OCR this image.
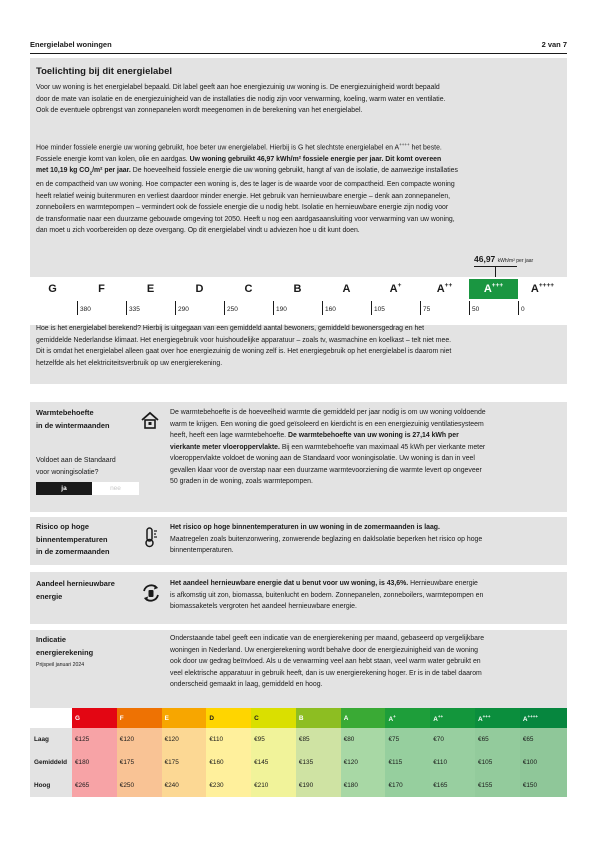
Energielabel woningen	2 van 7
Toelichting bij dit energielabel
Voor uw woning is het energielabel bepaald. Dit label geeft aan hoe energiezuinig uw woning is. De energiezuinigheid wordt bepaald
door de mate van isolatie en de energiezuinigheid van de installaties die nodig zijn voor verwarming, koeling, warm water en ventilatie.
Ook de eventuele opbrengst van zonnepanelen wordt meegenomen in de berekening van het energielabel.
Hoe minder fossiele energie uw woning gebruikt, hoe beter uw energielabel. Hierbij is G het slechtste energielabel en A++++ het beste.
Fossiele energie komt van kolen, olie en aardgas. Uw woning gebruikt 46,97 kWh/m² fossiele energie per jaar. Dit komt overeen
met 10,19 kg $CO_2/m^2$ per jaar. De hoeveelheid fossiele energie die uw woning gebruikt, hangt af van de isolatie, de aanwezige installaties
en de compactheid van uw woning. Hoe compacter een woning is, des te lager is de waarde voor de compactheid. Een compacte woning
heeft relatief weinig buitenmuren en verliest daardoor minder energie. Het gebruik van hernieuwbare energie – denk aan zonnepanelen,
zonneboilers en warmtepompen – vermindert ook de fossiele energie die u nodig hebt. Isolatie en hernieuwbare energie zijn nodig voor
de transformatie naar een duurzame gebouwde omgeving tot 2050. Heeft u nog een aardgasaansluiting voor verwarming van uw woning,
dan moet u zich voorbereiden op deze overgang. Op dit energielabel vindt u adviezen hoe u dit kunt doen.
46,97 kWh/m² per jaar
Hoe is het energielabel berekend? Hierbij is uitgegaan van een gemiddeld aantal bewoners, gemiddeld bewonersgedrag en het
gemiddelde Nederlandse klimaat. Het energiegebruik voor huishoudelijke apparatuur – zoals tv, wasmachine en koelkast – telt niet mee.
Dit is omdat het energielabel alleen gaat over hoe energiezuinig de woning zelf is. Het energiegebruik op het energielabel is daarom niet
hetzelfde als het elektriciteitsverbruik op uw energierekening.
G	F	E	D	C	B	A	A+	A++	A+++	A++++
380	335	290	250	190	160	105	75	50	0
Warmtebehoefte
in de wintermaanden
Voldoet aan de Standaard
voor woningisolatie?
ja	nee
De warmtebehoefte is de hoeveelheid warmte die gemiddeld per jaar nodig is om uw woning voldoende
warm te krijgen. Een woning die goed geïsoleerd en kierdicht is en een energiezuinig ventilatiesysteem
heeft, heeft een lage warmtebehoefte. De warmtebehoefte van uw woning is 27,14 kWh per
vierkante meter vloeroppervlakte. Bij een warmtebehoefte van maximaal 45 kWh per vierkante meter
vloeroppervlakte voldoet de woning aan de Standaard voor woningisolatie. Uw woning is dan in veel
gevallen klaar voor de overstap naar een duurzame warmtevoorziening die warmte levert op ongeveer
50 graden in de woning, zoals warmtepompen.
Risico op hoge
binnentemperaturen
in de zomermaanden
Het risico op hoge binnentemperaturen in uw woning in de zomermaanden is laag.
Maatregelen zoals buitenzonwering, zonwerende beglazing en daklsolatie beperken het risico op hoge
binnentemperaturen.
Aandeel hernieuwbare
energie
Het aandeel hernieuwbare energie dat u benut voor uw woning, is 43,6%. Hernieuwbare energie
is afkomstig uit zon, biomassa, buitenlucht en bodem. Zonnepanelen, zonneboilers, warmtepompen en
biomassaketels vergroten het aandeel hernieuwbare energie.
Indicatie
energierekening
Prijspeil januari 2024
Onderstaande tabel geeft een indicatie van de energierekening per maand, gebaseerd op vergelijkbare
woningen in Nederland. Uw energierekening wordt behalve door de energiezuinigheid van de woning
ook door uw gedrag beïnvloed. Als u de verwarming veel aan hebt staan, veel warm water gebruikt en
veel elektrische apparatuur in gebruik heeft, dan is uw energierekening hoger. Er is in de tabel daarom
onderscheid gemaakt in laag, gemiddeld en hoog.
	G	F	E	D	C	B	A	A+	A++	A+++	A++++
Laag	€125	€120	€120	€110	€95	€85	€80	€75	€70	€65	€65
Gemiddeld	€180	€175	€175	€160	€145	€135	€120	€115	€110	€105	€100
Hoog	€265	€250	€240	€230	€210	€190	€180	€170	€165	€155	€150
